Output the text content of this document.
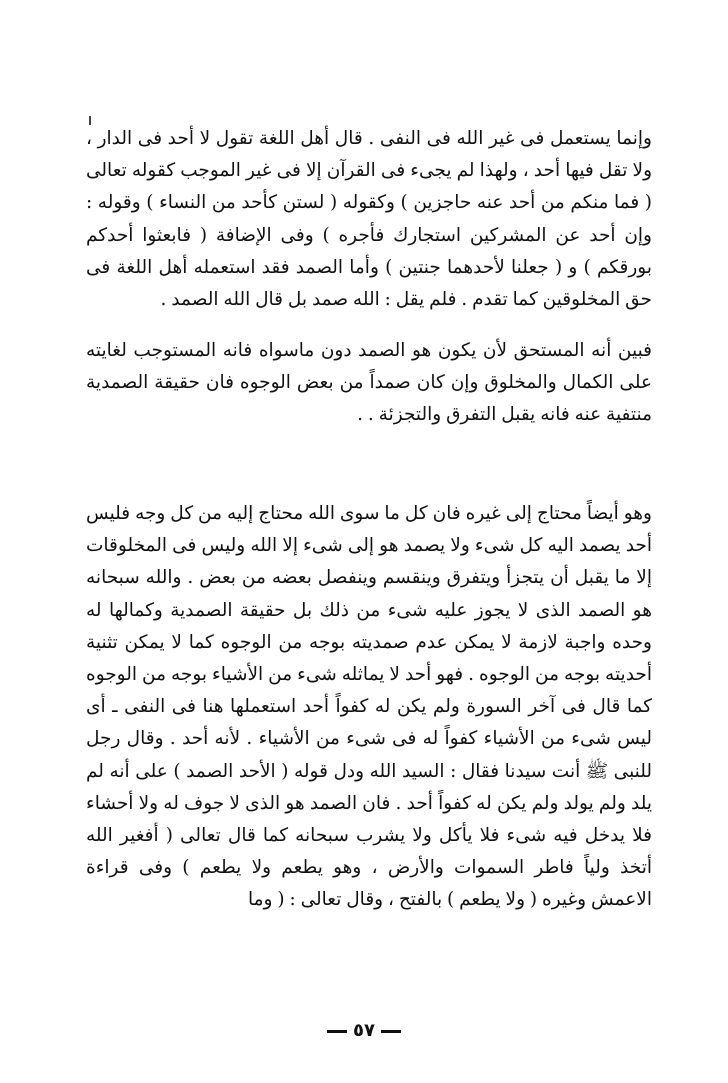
وإنما يستعمل فى غير الله فى النفى . قال أهل اللغة تقول لا أحد فى الدار ، ولا تقل فيها أحد ، ولهذا لم يجىء فى القرآن إلا فى غير الموجب كقوله تعالى ( فما منكم من أحد عنه حاجزين ) وكقوله ( لستن كأحد من النساء ) وقوله : وإن أحد عن المشركين استجارك فأجره ) وفى الإضافة ( فابعثوا أحدكم بورقكم ) و ( جعلنا لأحدهما جنتين ) وأما الصمد فقد استعمله أهل اللغة فى حق المخلوقين كما تقدم . فلم يقل : الله صمد بل قال الله الصمد .

فبين أنه المستحق لأن يكون هو الصمد دون ماسواه فانه المستوجب لغايته على الكمال والمخلوق وإن كان صمداً من بعض الوجوه فان حقيقة الصمدية منتفية عنه فانه يقبل التفرق والتجزئة . .

وهو أيضاً محتاج إلى غيره فان كل ما سوى الله محتاج إليه من كل وجه فليس أحد يصمد اليه كل شىء ولا يصمد هو إلى شىء إلا الله وليس فى المخلوقات إلا ما يقبل أن يتجزأ ويتفرق وينقسم وينفصل بعضه من بعض . والله سبحانه هو الصمد الذى لا يجوز عليه شىء من ذلك بل حقيقة الصمدية وكمالها له وحده واجبة لازمة لا يمكن عدم صمديته بوجه من الوجوه كما لا يمكن تثنية أحديته بوجه من الوجوه . فهو أحد لا يماثله شىء من الأشياء بوجه من الوجوه كما قال فى آخر السورة ولم يكن له كفواً أحد استعملها هنا فى النفى ـ أى ليس شىء من الأشياء كفواً له فى شىء من الأشياء . لأنه أحد . وقال رجل للنبى ﷺ أنت سيدنا فقال : السيد الله ودل قوله ( الأحد الصمد ) على أنه لم يلد ولم يولد ولم يكن له كفواً أحد . فان الصمد هو الذى لا جوف له ولا أحشاء فلا يدخل فيه شىء فلا يأكل ولا يشرب سبحانه كما قال تعالى ( أفغير الله أتخذ ولياً فاطر السموات والأرض ، وهو يطعم ولا يطعم ) وفى قراءة الاعمش وغيره ( ولا يطعم ) بالفتح ، وقال تعالى : ( وما

٥٧
